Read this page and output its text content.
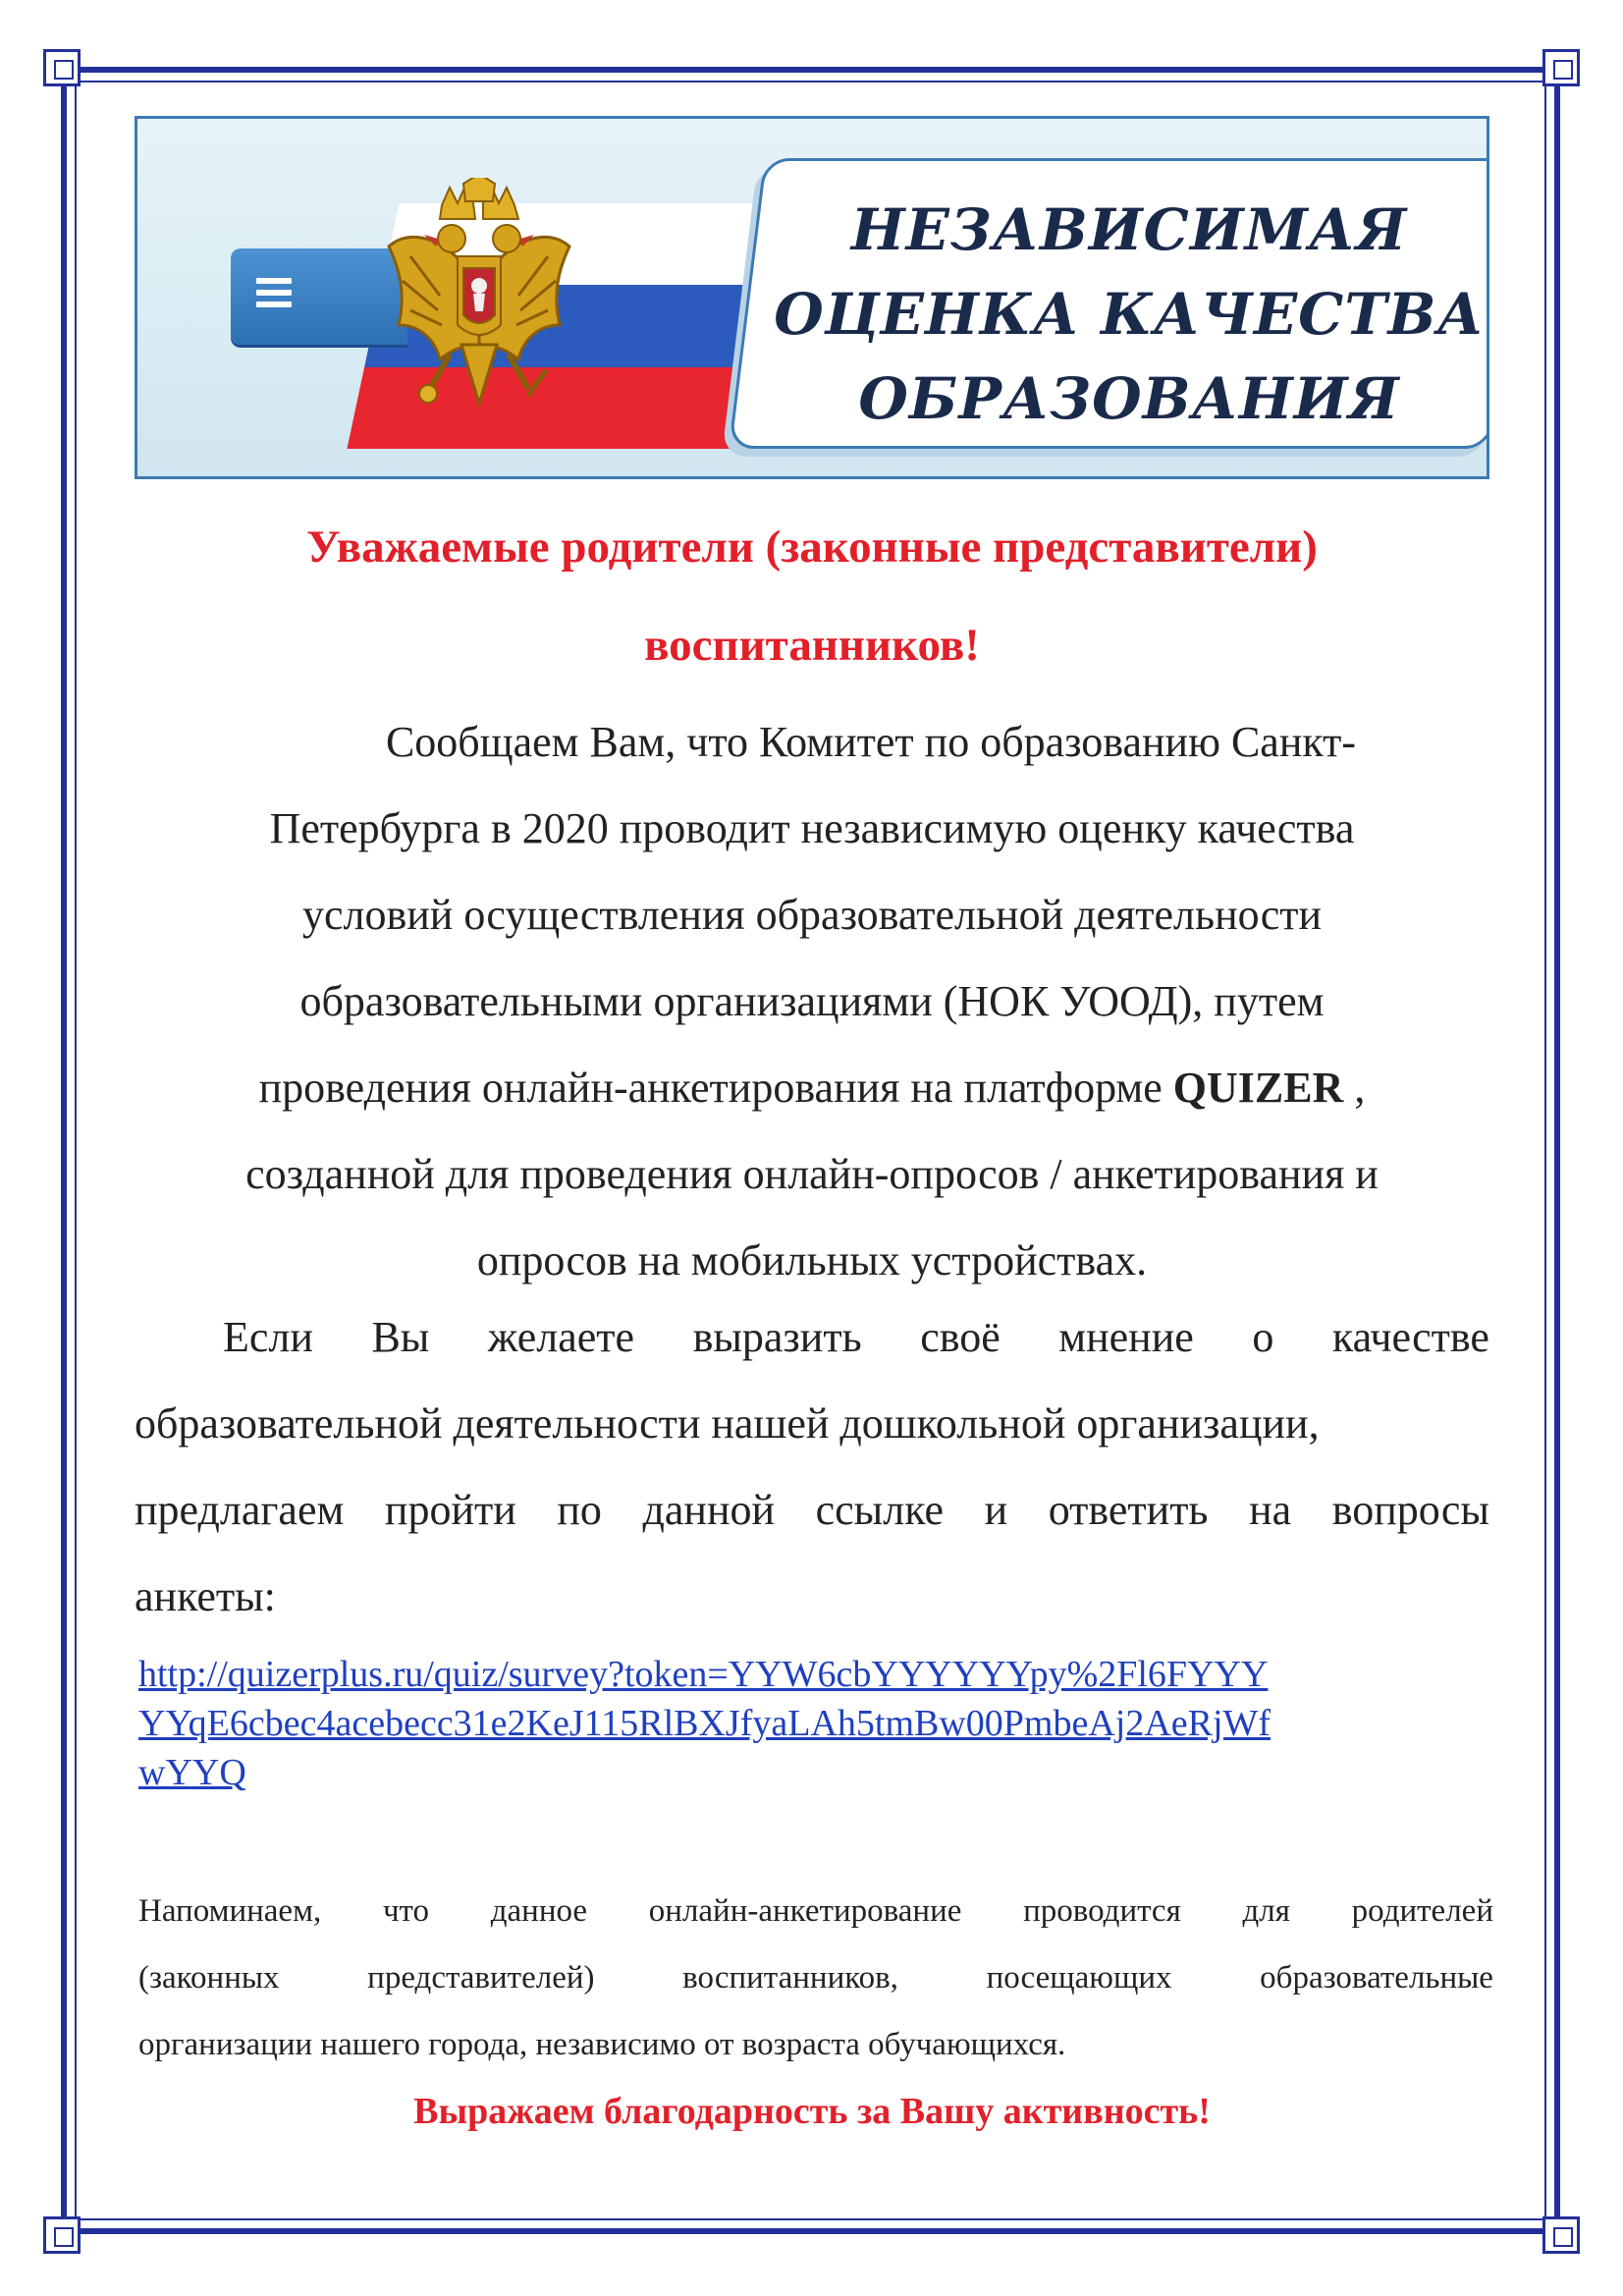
НЕЗАВИСИМАЯ
ОЦЕНКА КАЧЕСТВА
ОБРАЗОВАНИЯ
Уважаемые родители (законные представители)
воспитанников!
Сообщаем Вам, что Комитет по образованию Санкт-
Петербурга в 2020 проводит независимую оценку качества
условий осуществления образовательной деятельности
образовательными организациями (НОК УООД), путем
проведения онлайн-анкетирования на платформе QUIZER ,
созданной для проведения онлайн-опросов / анкетирования и
опросов на мобильных устройствах.
Если Вы желаете выразить своё мнение о качестве
образовательной деятельности нашей дошкольной организации,
предлагаем пройти по данной ссылке и ответить на вопросы
анкеты:
http://quizerplus.ru/quiz/survey?token=YYW6cbYYYYYYpy%2Fl6FYYY
YYqE6cbec4acebecc31e2KeJ115RlBXJfyaLAh5tmBw00PmbeAj2AeRjWf
wYYQ
Напоминаем, что данное онлайн-анкетирование проводится для родителей
(законных	представителей)	воспитанников,	посещающих	образовательные
организации нашего города, независимо от возраста обучающихся.
Выражаем благодарность за Вашу активность!
